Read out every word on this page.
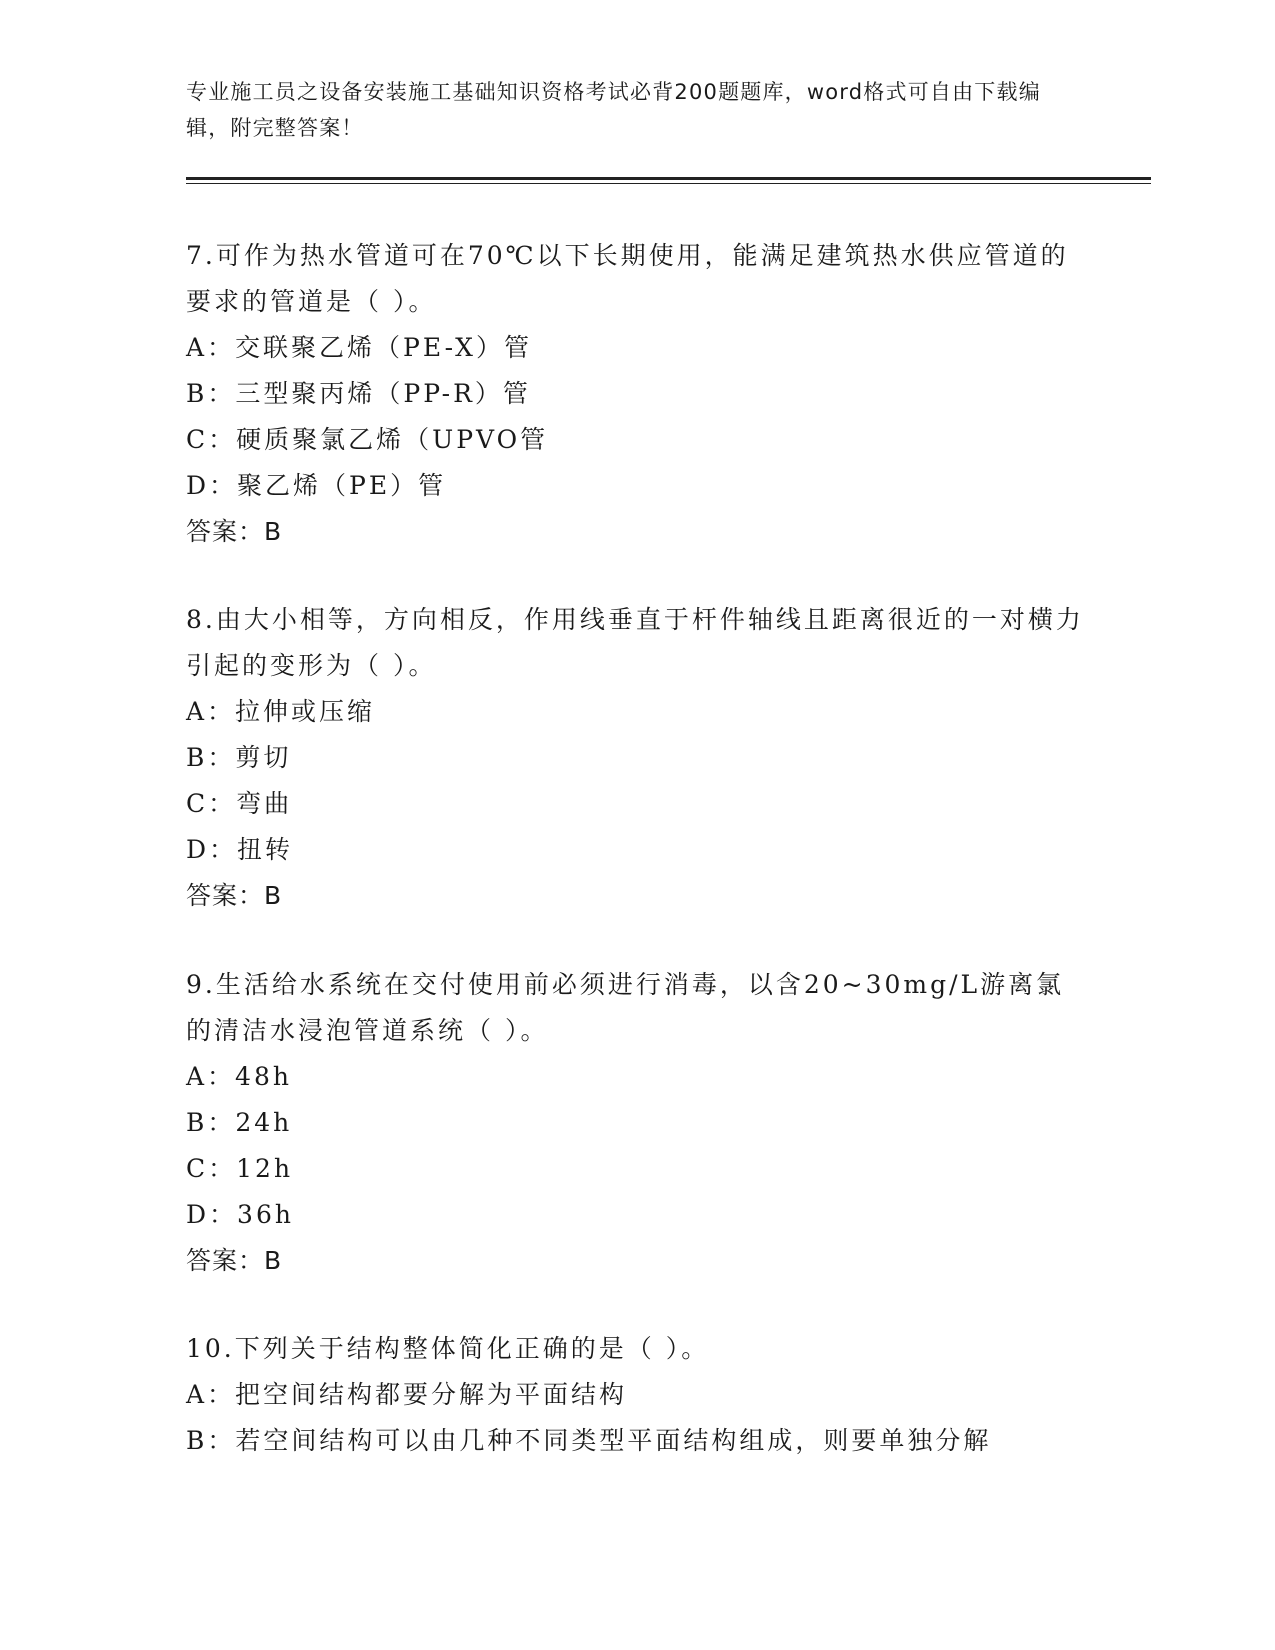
专业施工员之设备安装施工基础知识资格考试必背200题题库，word格式可自由下载编辑，附完整答案！
7.可作为热水管道可在70℃以下长期使用，能满足建筑热水供应管道的要求的管道是（ ）。
A：交联聚乙烯（PE-X）管
B：三型聚丙烯（PP-R）管
C：硬质聚氯乙烯（UPVO管
D：聚乙烯（PE）管
答案：B
8.由大小相等，方向相反，作用线垂直于杆件轴线且距离很近的一对横力引起的变形为（ ）。
A：拉伸或压缩
B：剪切
C：弯曲
D：扭转
答案：B
9.生活给水系统在交付使用前必须进行消毒，以含20~30mg/L游离氯的清洁水浸泡管道系统（ ）。
A：48h
B：24h
C：12h
D：36h
答案：B
10.下列关于结构整体简化正确的是（ ）。
A：把空间结构都要分解为平面结构
B：若空间结构可以由几种不同类型平面结构组成，则要单独分解
